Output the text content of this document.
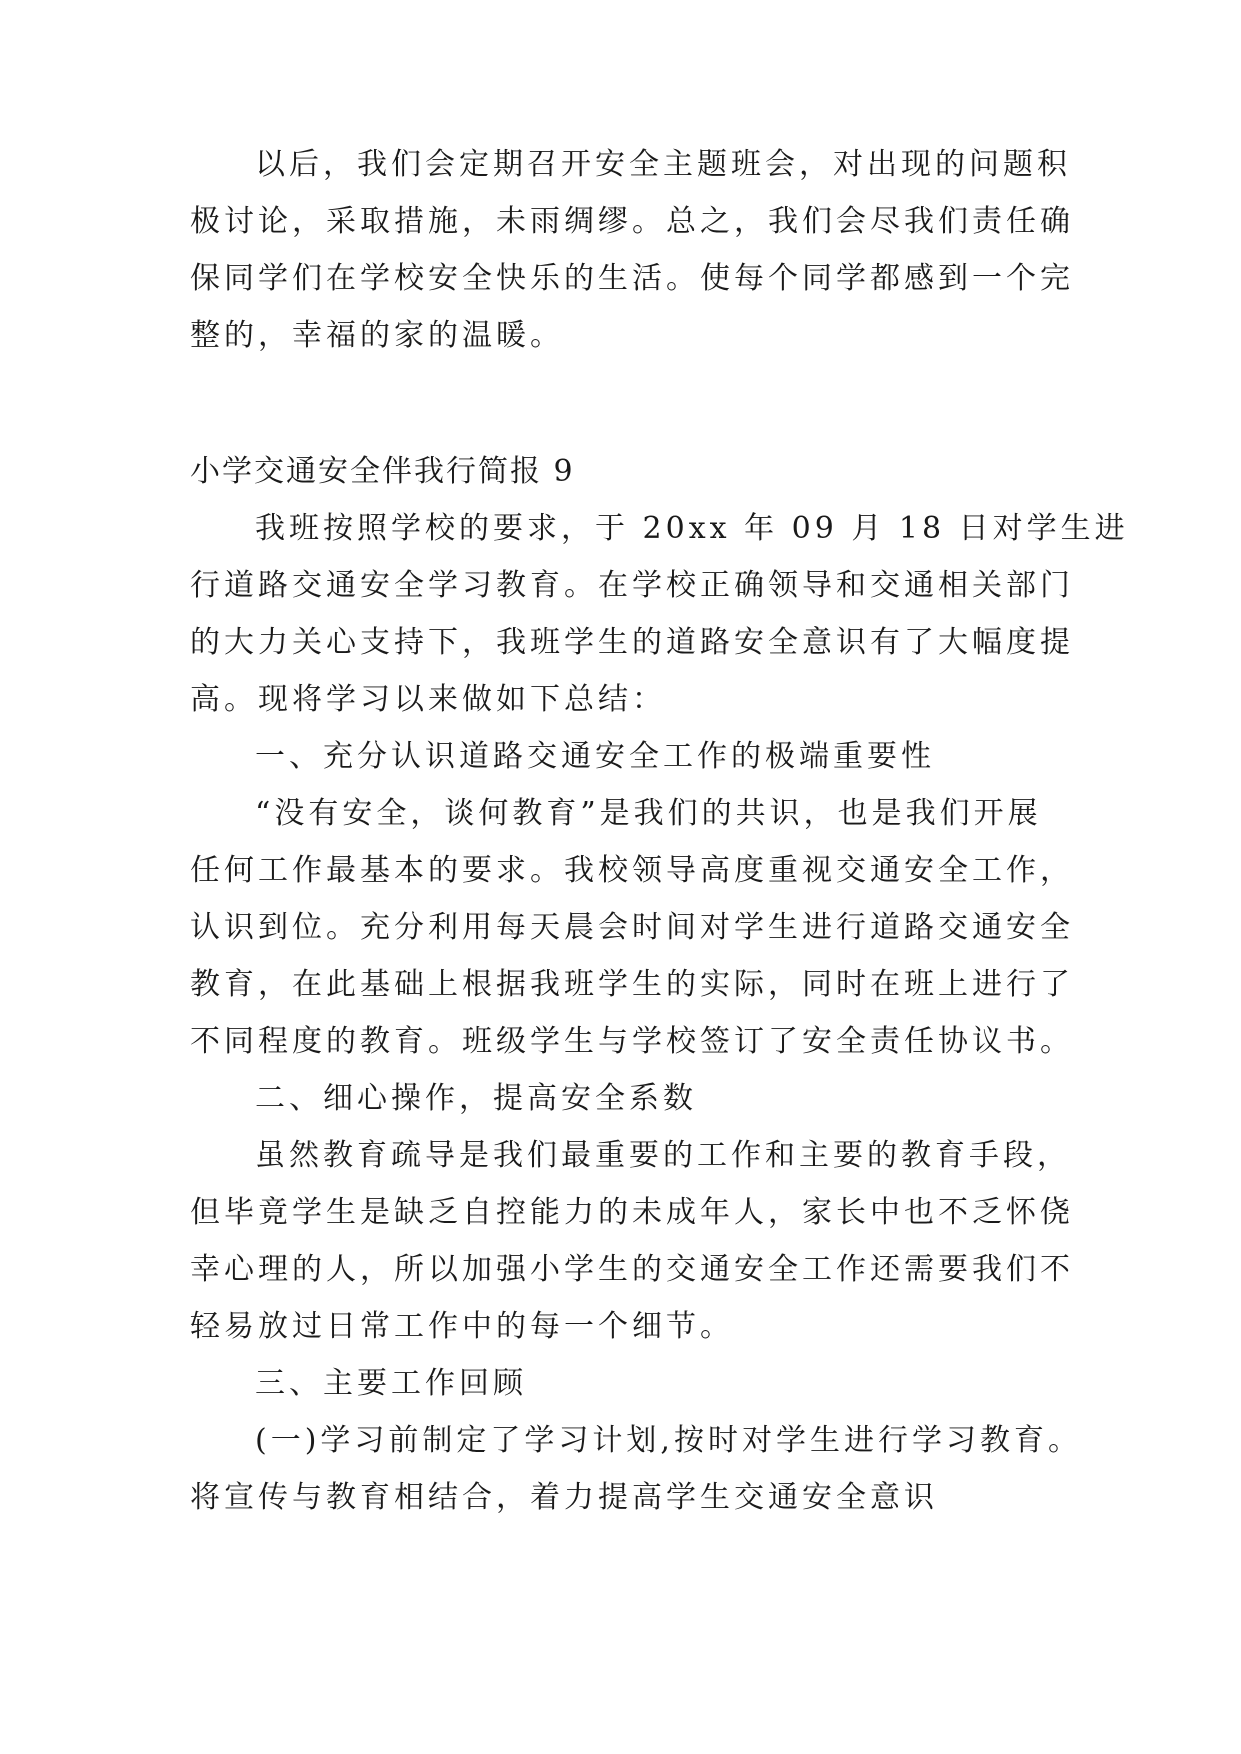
以后，我们会定期召开安全主题班会，对出现的问题积
极讨论，采取措施，未雨绸缪。总之，我们会尽我们责任确
保同学们在学校安全快乐的生活。使每个同学都感到一个完
整的，幸福的家的温暖。
小学交通安全伴我行简报 9
我班按照学校的要求，于 20xx 年 09 月 18 日对学生进
行道路交通安全学习教育。在学校正确领导和交通相关部门
的大力关心支持下，我班学生的道路安全意识有了大幅度提
高。现将学习以来做如下总结：
一、充分认识道路交通安全工作的极端重要性
“没有安全，谈何教育”是我们的共识，也是我们开展
任何工作最基本的要求。我校领导高度重视交通安全工作，
认识到位。充分利用每天晨会时间对学生进行道路交通安全
教育，在此基础上根据我班学生的实际，同时在班上进行了
不同程度的教育。班级学生与学校签订了安全责任协议书。
二、细心操作，提高安全系数
虽然教育疏导是我们最重要的工作和主要的教育手段，
但毕竟学生是缺乏自控能力的未成年人，家长中也不乏怀侥
幸心理的人，所以加强小学生的交通安全工作还需要我们不
轻易放过日常工作中的每一个细节。
三、主要工作回顾
(一)学习前制定了学习计划,按时对学生进行学习教育。
将宣传与教育相结合，着力提高学生交通安全意识
